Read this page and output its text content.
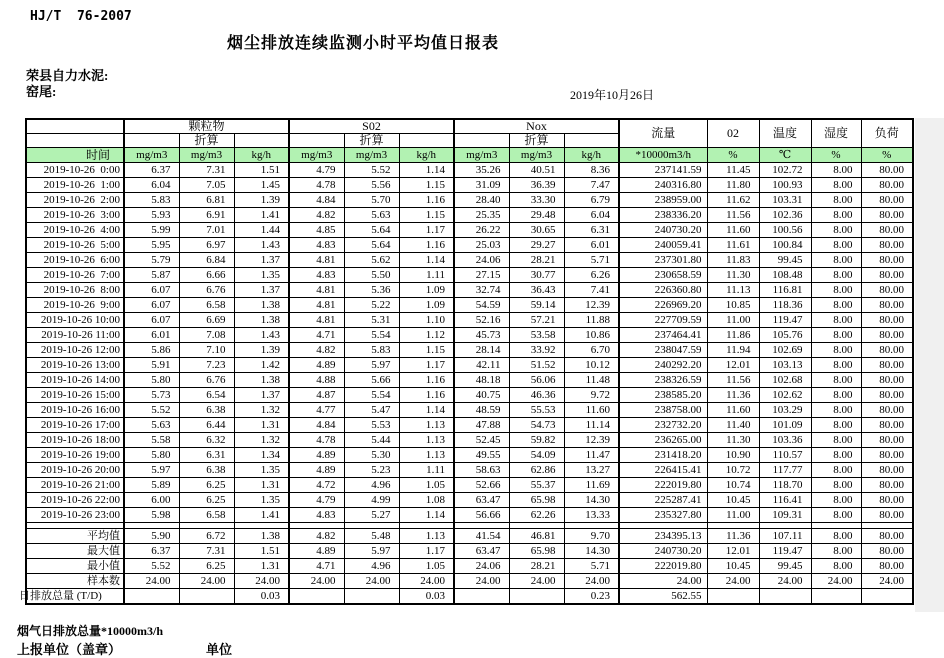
HJ/T  76-2007
烟尘排放连续监测小时平均值日报表
荣县自力水泥:
窑尾:	2019年10月26日
	颗粒物			S02			Nox			流量	02	温度	湿度	负荷
		折算			折算			折算						
时间	mg/m3	mg/m3	kg/h	mg/m3	mg/m3	kg/h	mg/m3	mg/m3	kg/h	*10000m3/h	%	℃	%	%
2019-10-26  0:00	6.37	7.31	1.51	4.79	5.52	1.14	35.26	40.51	8.36	237141.59	11.45	102.72	8.00	80.00
2019-10-26  1:00	6.04	7.05	1.45	4.78	5.56	1.15	31.09	36.39	7.47	240316.80	11.80	100.93	8.00	80.00
2019-10-26  2:00	5.83	6.81	1.39	4.84	5.70	1.16	28.40	33.30	6.79	238959.00	11.62	103.31	8.00	80.00
2019-10-26  3:00	5.93	6.91	1.41	4.82	5.63	1.15	25.35	29.48	6.04	238336.20	11.56	102.36	8.00	80.00
2019-10-26  4:00	5.99	7.01	1.44	4.85	5.64	1.17	26.22	30.65	6.31	240730.20	11.60	100.56	8.00	80.00
2019-10-26  5:00	5.95	6.97	1.43	4.83	5.64	1.16	25.03	29.27	6.01	240059.41	11.61	100.84	8.00	80.00
2019-10-26  6:00	5.79	6.84	1.37	4.81	5.62	1.14	24.06	28.21	5.71	237301.80	11.83	99.45	8.00	80.00
2019-10-26  7:00	5.87	6.66	1.35	4.83	5.50	1.11	27.15	30.77	6.26	230658.59	11.30	108.48	8.00	80.00
2019-10-26  8:00	6.07	6.76	1.37	4.81	5.36	1.09	32.74	36.43	7.41	226360.80	11.13	116.81	8.00	80.00
2019-10-26  9:00	6.07	6.58	1.38	4.81	5.22	1.09	54.59	59.14	12.39	226969.20	10.85	118.36	8.00	80.00
2019-10-26 10:00	6.07	6.69	1.38	4.81	5.31	1.10	52.16	57.21	11.88	227709.59	11.00	119.47	8.00	80.00
2019-10-26 11:00	6.01	7.08	1.43	4.71	5.54	1.12	45.73	53.58	10.86	237464.41	11.86	105.76	8.00	80.00
2019-10-26 12:00	5.86	7.10	1.39	4.82	5.83	1.15	28.14	33.92	6.70	238047.59	11.94	102.69	8.00	80.00
2019-10-26 13:00	5.91	7.23	1.42	4.89	5.97	1.17	42.11	51.52	10.12	240292.20	12.01	103.13	8.00	80.00
2019-10-26 14:00	5.80	6.76	1.38	4.88	5.66	1.16	48.18	56.06	11.48	238326.59	11.56	102.68	8.00	80.00
2019-10-26 15:00	5.73	6.54	1.37	4.87	5.54	1.16	40.75	46.36	9.72	238585.20	11.36	102.62	8.00	80.00
2019-10-26 16:00	5.52	6.38	1.32	4.77	5.47	1.14	48.59	55.53	11.60	238758.00	11.60	103.29	8.00	80.00
2019-10-26 17:00	5.63	6.44	1.31	4.84	5.53	1.13	47.88	54.73	11.14	232732.20	11.40	101.09	8.00	80.00
2019-10-26 18:00	5.58	6.32	1.32	4.78	5.44	1.13	52.45	59.82	12.39	236265.00	11.30	103.36	8.00	80.00
2019-10-26 19:00	5.80	6.31	1.34	4.89	5.30	1.13	49.55	54.09	11.47	231418.20	10.90	110.57	8.00	80.00
2019-10-26 20:00	5.97	6.38	1.35	4.89	5.23	1.11	58.63	62.86	13.27	226415.41	10.72	117.77	8.00	80.00
2019-10-26 21:00	5.89	6.25	1.31	4.72	4.96	1.05	52.66	55.37	11.69	222019.80	10.74	118.70	8.00	80.00
2019-10-26 22:00	6.00	6.25	1.35	4.79	4.99	1.08	63.47	65.98	14.30	225287.41	10.45	116.41	8.00	80.00
2019-10-26 23:00	5.98	6.58	1.41	4.83	5.27	1.14	56.66	62.26	13.33	235327.80	11.00	109.31	8.00	80.00

平均值	5.90	6.72	1.38	4.82	5.48	1.13	41.54	46.81	9.70	234395.13	11.36	107.11	8.00	80.00
最大值	6.37	7.31	1.51	4.89	5.97	1.17	63.47	65.98	14.30	240730.20	12.01	119.47	8.00	80.00
最小值	5.52	6.25	1.31	4.71	4.96	1.05	24.06	28.21	5.71	222019.80	10.45	99.45	8.00	80.00
样本数	24.00	24.00	24.00	24.00	24.00	24.00	24.00	24.00	24.00	24.00	24.00	24.00	24.00	24.00

日排放总量 (T/D)			0.03			0.03			0.23	562.55				
烟气日排放总量*10000m3/h
上报单位（盖章）	单位
